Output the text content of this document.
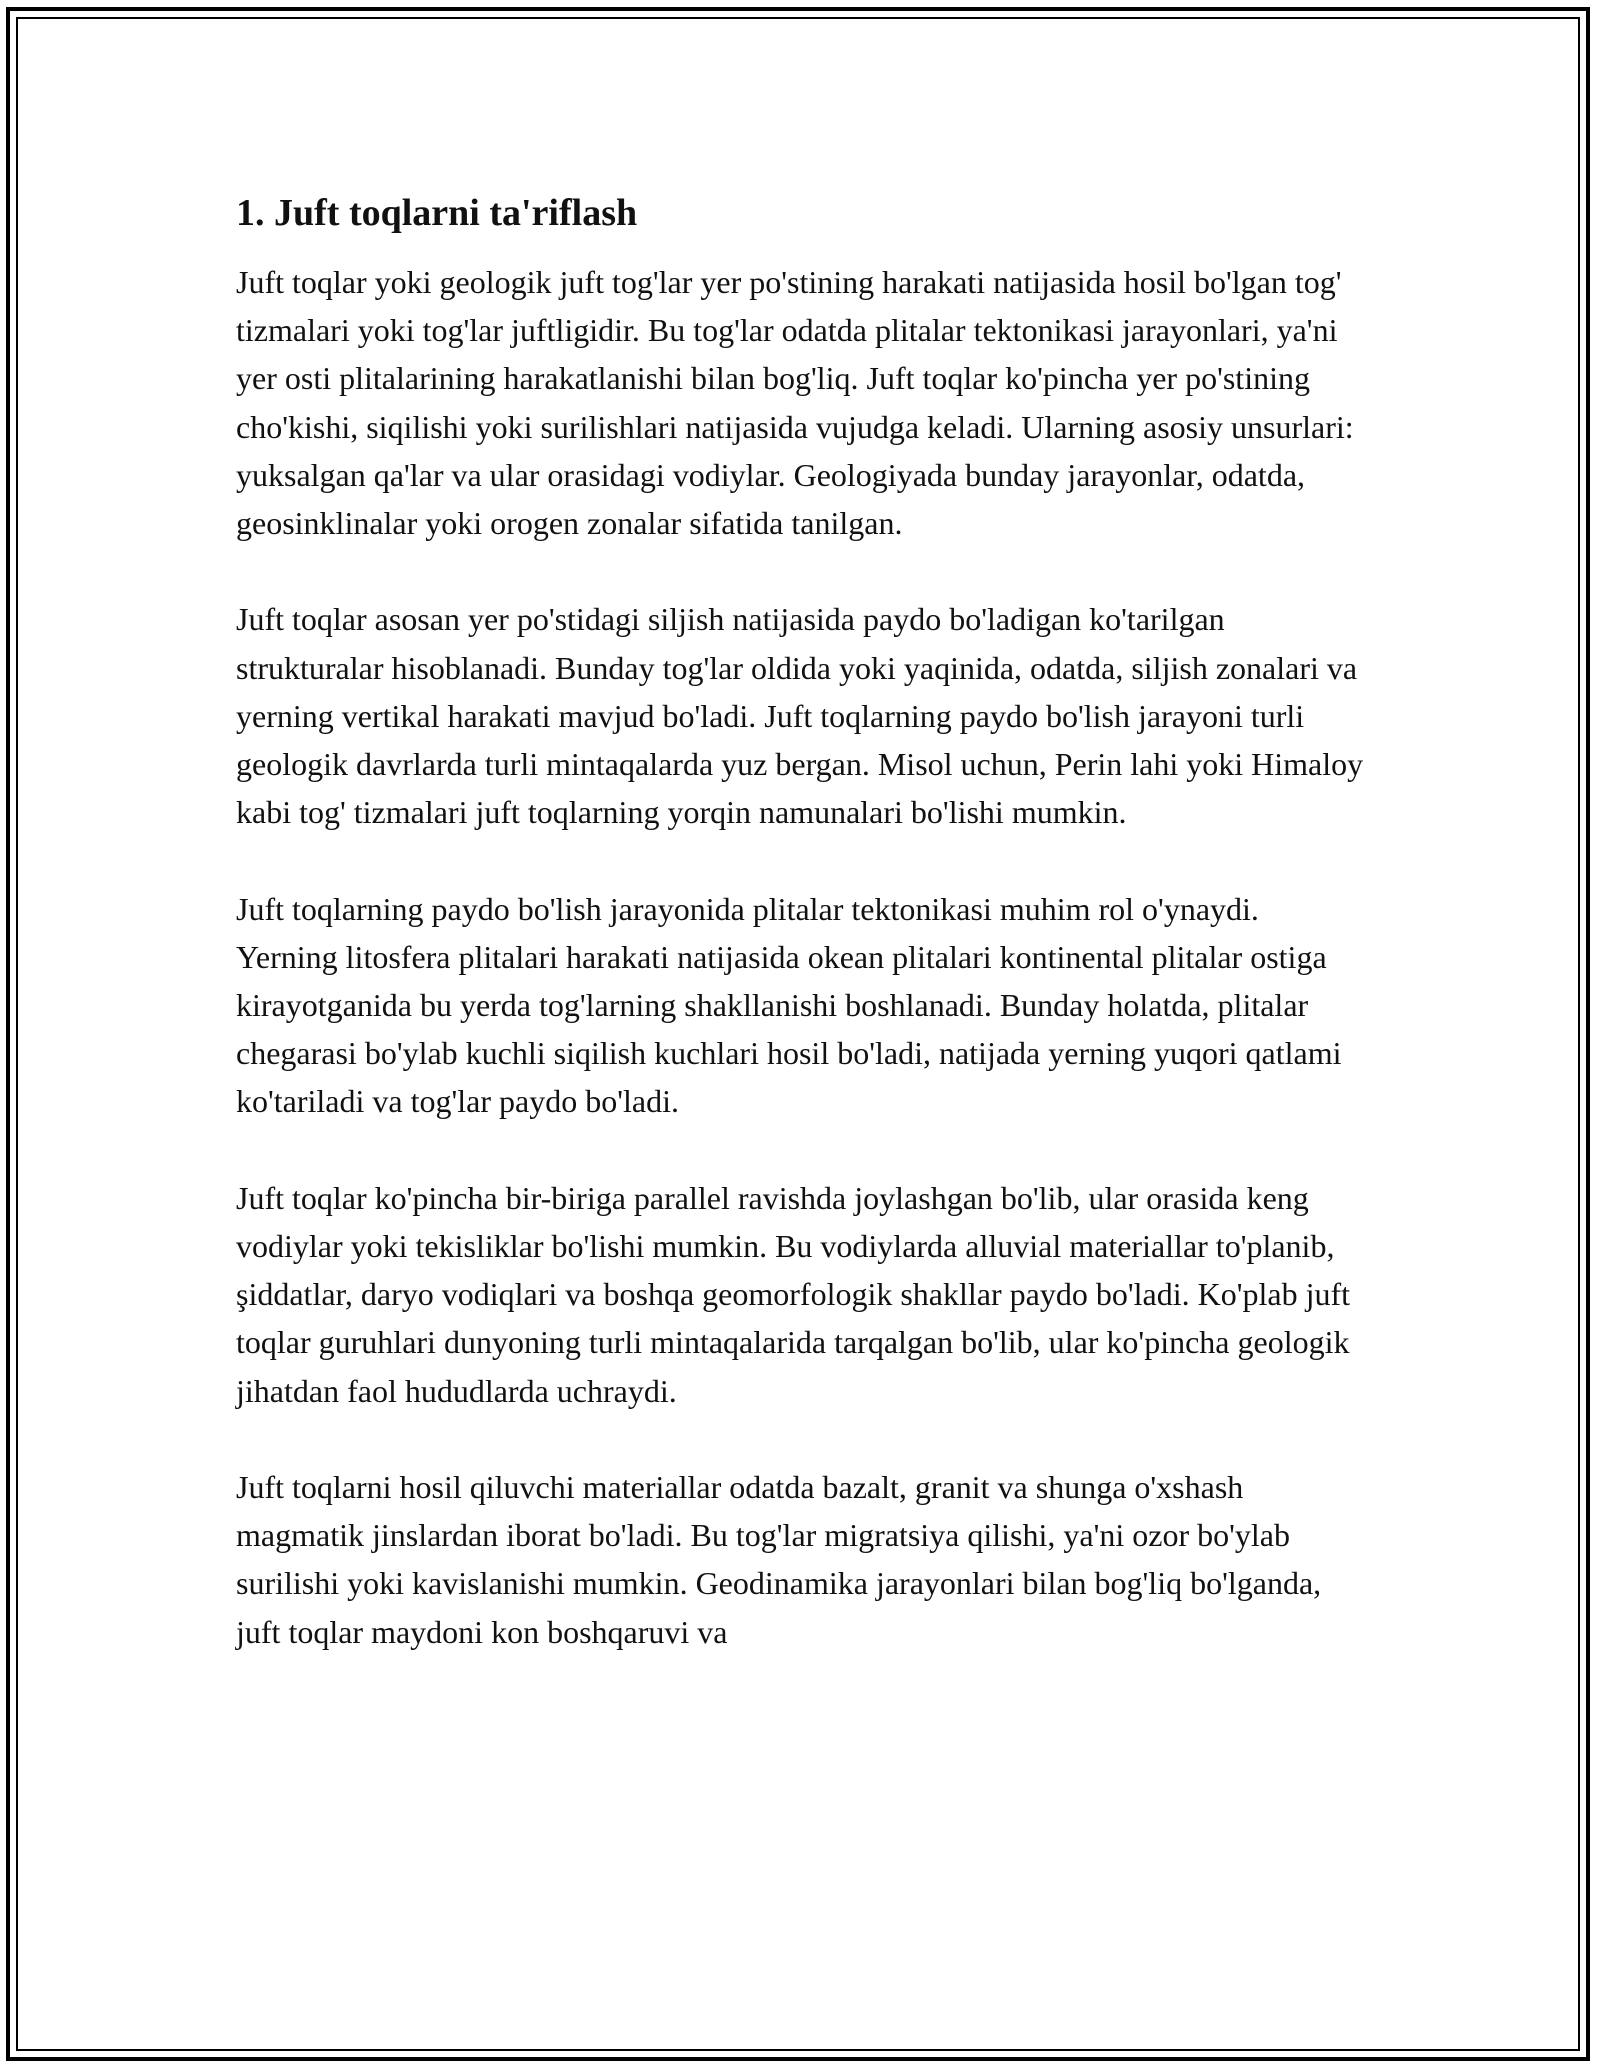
1. Juft toqlarni ta'riflash

Juft toqlar yoki geologik juft tog'lar yer po'stining harakati natijasida hosil bo'lgan tog' tizmalari yoki tog'lar juftligidir. Bu tog'lar odatda plitalar tektonikasi jarayonlari, ya'ni yer osti plitalarining harakatlanishi bilan bog'liq. Juft toqlar ko'pincha yer po'stining cho'kishi, siqilishi yoki surilishlari natijasida vujudga keladi. Ularning asosiy unsurlari: yuksalgan qa'lar va ular orasidagi vodiylar. Geologiyada bunday jarayonlar, odatda, geosinklinalar yoki orogen zonalar sifatida tanilgan.

Juft toqlar asosan yer po'stidagi siljish natijasida paydo bo'ladigan ko'tarilgan strukturalar hisoblanadi. Bunday tog'lar oldida yoki yaqinida, odatda, siljish zonalari va yerning vertikal harakati mavjud bo'ladi. Juft toqlarning paydo bo'lish jarayoni turli geologik davrlarda turli mintaqalarda yuz bergan. Misol uchun, Perin lahi yoki Himaloy kabi tog' tizmalari juft toqlarning yorqin namunalari bo'lishi mumkin.

Juft toqlarning paydo bo'lish jarayonida plitalar tektonikasi muhim rol o'ynaydi. Yerning litosfera plitalari harakati natijasida okean plitalari kontinental plitalar ostiga kirayotganida bu yerda tog'larning shakllanishi boshlanadi. Bunday holatda, plitalar chegarasi bo'ylab kuchli siqilish kuchlari hosil bo'ladi, natijada yerning yuqori qatlami ko'tariladi va tog'lar paydo bo'ladi.

Juft toqlar ko'pincha bir-biriga parallel ravishda joylashgan bo'lib, ular orasida keng vodiylar yoki tekisliklar bo'lishi mumkin. Bu vodiylarda alluvial materiallar to'planib, şiddatlar, daryo vodiqlari va boshqa geomorfologik shakllar paydo bo'ladi. Ko'plab juft toqlar guruhlari dunyoning turli mintaqalarida tarqalgan bo'lib, ular ko'pincha geologik jihatdan faol hududlarda uchraydi.

Juft toqlarni hosil qiluvchi materiallar odatda bazalt, granit va shunga o'xshash magmatik jinslardan iborat bo'ladi. Bu tog'lar migratsiya qilishi, ya'ni ozor bo'ylab surilishi yoki kavislanishi mumkin. Geodinamika jarayonlari bilan bog'liq bo'lganda, juft toqlar maydoni kon boshqaruvi va
